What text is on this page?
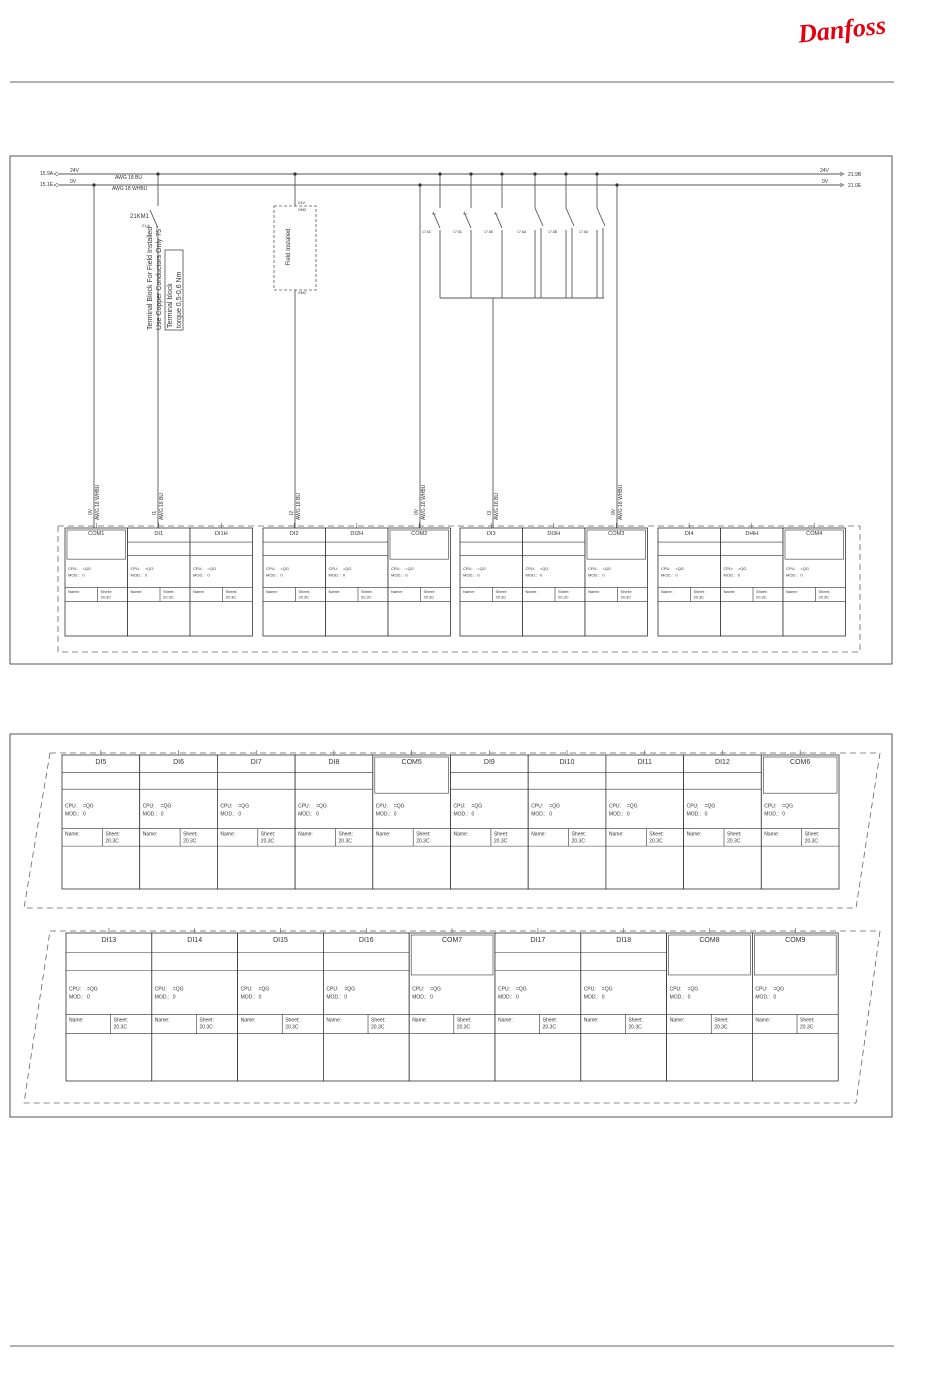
Danfoss
15.9A
15.1E
24V
0V
AWG 18 BU
AWG 18 WHBU
24V
0V
21.9B
21.0E
21KM1
21.6
Field Installed
24V
XM2
XM2
Terminal Block For Field Installed Use Copper Conductors Only 75° Terminal block torque 0,5-0,6 Nm
17.6C	17.6C	17.6E	17.6A	17.6B	17.6A
0V AWG 18 WHBU	I1 AWG 18 BU	I2 AWG 18 BU	0V AWG 18 WHBU	I3 AWG 18 BU	0V AWG 18 WHBU
COM1
CPU: =QG
MOD.: 0
Name:	Sheet:
20.3C
DI1
CPU: =QG
MOD.: 0
Name:	Sheet:
20.3C
DI1H
CPU: =QG
MOD.: 0
Name:	Sheet:
20.3C
DI2
CPU: =QG
MOD.: 0
Name:	Sheet:
20.3C
DI2H
CPU: =QG
MOD.: 0
Name:	Sheet:
20.3C
COM2
CPU: =QG
MOD.: 0
Name:	Sheet:
20.3C
DI3
CPU: =QG
MOD.: 0
Name:	Sheet:
20.3C
DI3H
CPU: =QG
MOD.: 0
Name:	Sheet:
20.3C
COM3
CPU: =QG
MOD.: 0
Name:	Sheet:
20.3C
DI4
CPU: =QG
MOD.: 0
Name:	Sheet:
20.3C
DI4H
CPU: =QG
MOD.: 0
Name:	Sheet:
20.3C
COM4
CPU: =QG
MOD.: 0
Name:	Sheet:
20.3C
DI5
CPU: =QG
MOD.: 0
Name:	Sheet:
20.3C
DI6
CPU: =QG
MOD.: 0
Name:	Sheet:
20.3C
DI7
CPU: =QG
MOD.: 0
Name:	Sheet:
20.3C
DI8
CPU: =QG
MOD.: 0
Name:	Sheet:
20.3C
COM5
CPU: =QG
MOD.: 0
Name:	Sheet:
20.3C
DI9
CPU: =QG
MOD.: 0
Name:	Sheet:
20.3C
DI10
CPU: =QG
MOD.: 0
Name:	Sheet:
20.3C
DI11
CPU: =QG
MOD.: 0
Name:	Sheet:
20.3C
DI12
CPU: =QG
MOD.: 0
Name:	Sheet:
20.3C
COM6
CPU: =QG
MOD.: 0
Name:	Sheet:
20.3C
DI13
CPU: =QG
MOD.: 0
Name:	Sheet:
20.3C
DI14
CPU: =QG
MOD.: 0
Name:	Sheet:
20.3C
DI15
CPU: =QG
MOD.: 0
Name:	Sheet:
20.3C
DI16
CPU: =QG
MOD.: 0
Name:	Sheet:
20.3C
COM7
CPU: =QG
MOD.: 0
Name:	Sheet:
20.3C
DI17
CPU: =QG
MOD.: 0
Name:	Sheet:
20.3C
DI18
CPU: =QG
MOD.: 0
Name:	Sheet:
20.3C
COM8
CPU: =QG
MOD.: 0
Name:	Sheet:
20.3C
COM9
CPU: =QG
MOD.: 0
Name:	Sheet:
20.3C
